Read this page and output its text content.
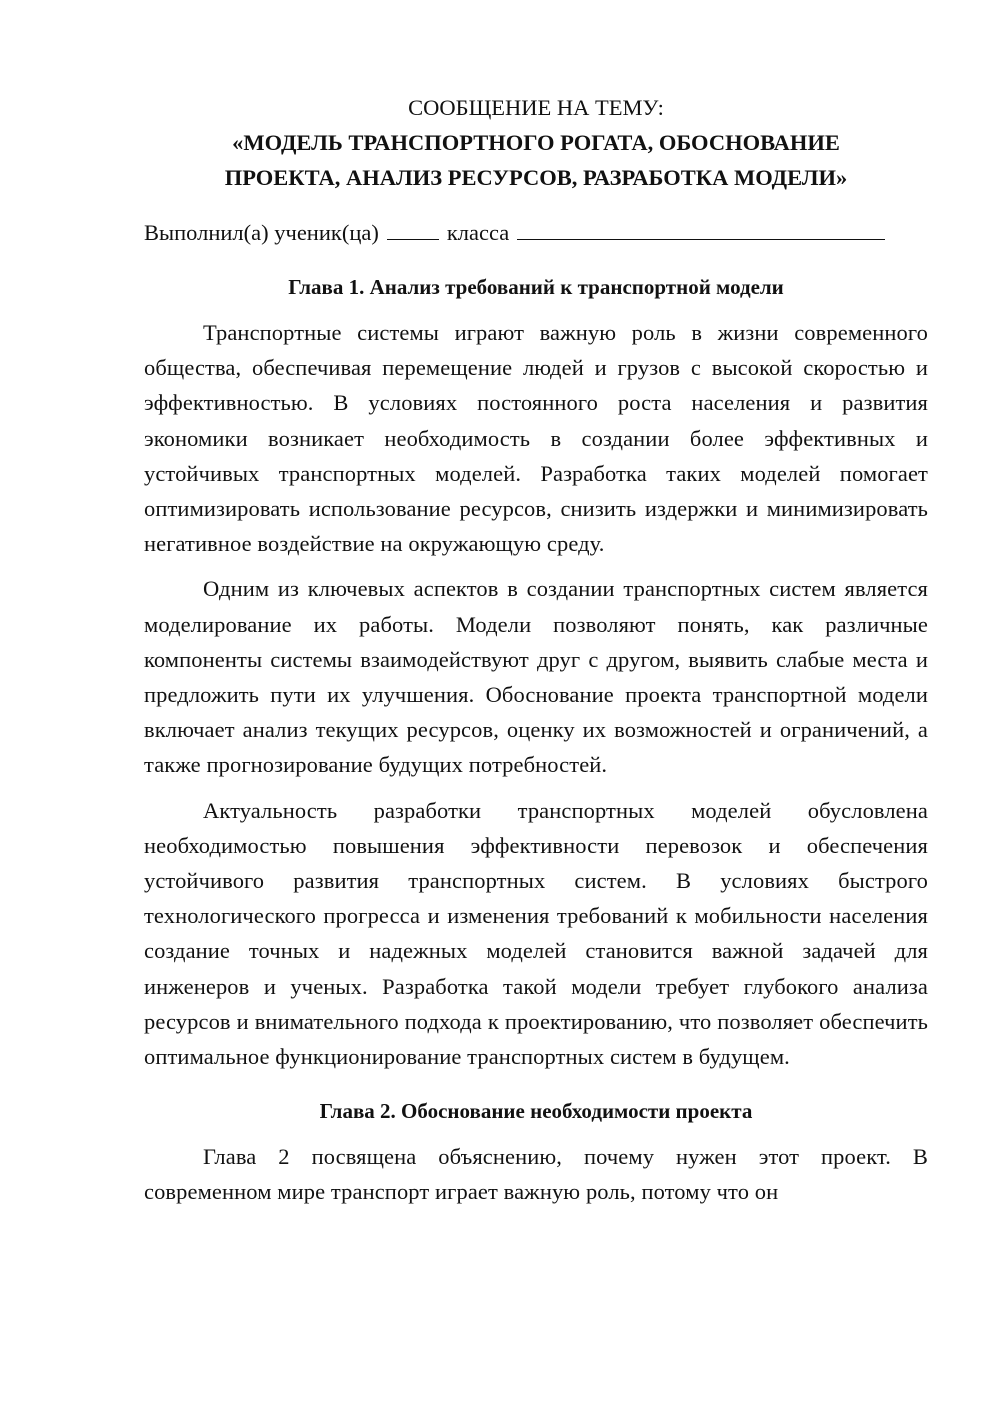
СООБЩЕНИЕ НА ТЕМУ:

«МОДЕЛЬ ТРАНСПОРТНОГО РОГАТА, ОБОСНОВАНИЕ

ПРОЕКТА, АНАЛИЗ РЕСУРСОВ, РАЗРАБОТКА МОДЕЛИ»

Выполнил(а) ученик(ца)	класса
Глава 1. Анализ требований к транспортной модели

Транспортные системы играют важную роль в жизни современного общества, обеспечивая перемещение людей и грузов с высокой скоростью и эффективностью. В условиях постоянного роста населения и развития экономики возникает необходимость в создании более эффективных и устойчивых транспортных моделей. Разработка таких моделей помогает оптимизировать использование ресурсов, снизить издержки и минимизировать негативное воздействие на окружающую среду.

Одним из ключевых аспектов в создании транспортных систем является моделирование их работы. Модели позволяют понять, как различные компоненты системы взаимодействуют друг с другом, выявить слабые места и предложить пути их улучшения. Обоснование проекта транспортной модели включает анализ текущих ресурсов, оценку их возможностей и ограничений, а также прогнозирование будущих потребностей.

Актуальность разработки транспортных моделей обусловлена необходимостью повышения эффективности перевозок и обеспечения устойчивого развития транспортных систем. В условиях быстрого технологического прогресса и изменения требований к мобильности населения создание точных и надежных моделей становится важной задачей для инженеров и ученых. Разработка такой модели требует глубокого анализа ресурсов и внимательного подхода к проектированию, что позволяет обеспечить оптимальное функционирование транспортных систем в будущем.

Глава 2. Обоснование необходимости проекта

Глава 2 посвящена объяснению, почему нужен этот проект. В современном мире транспорт играет важную роль, потому что он
